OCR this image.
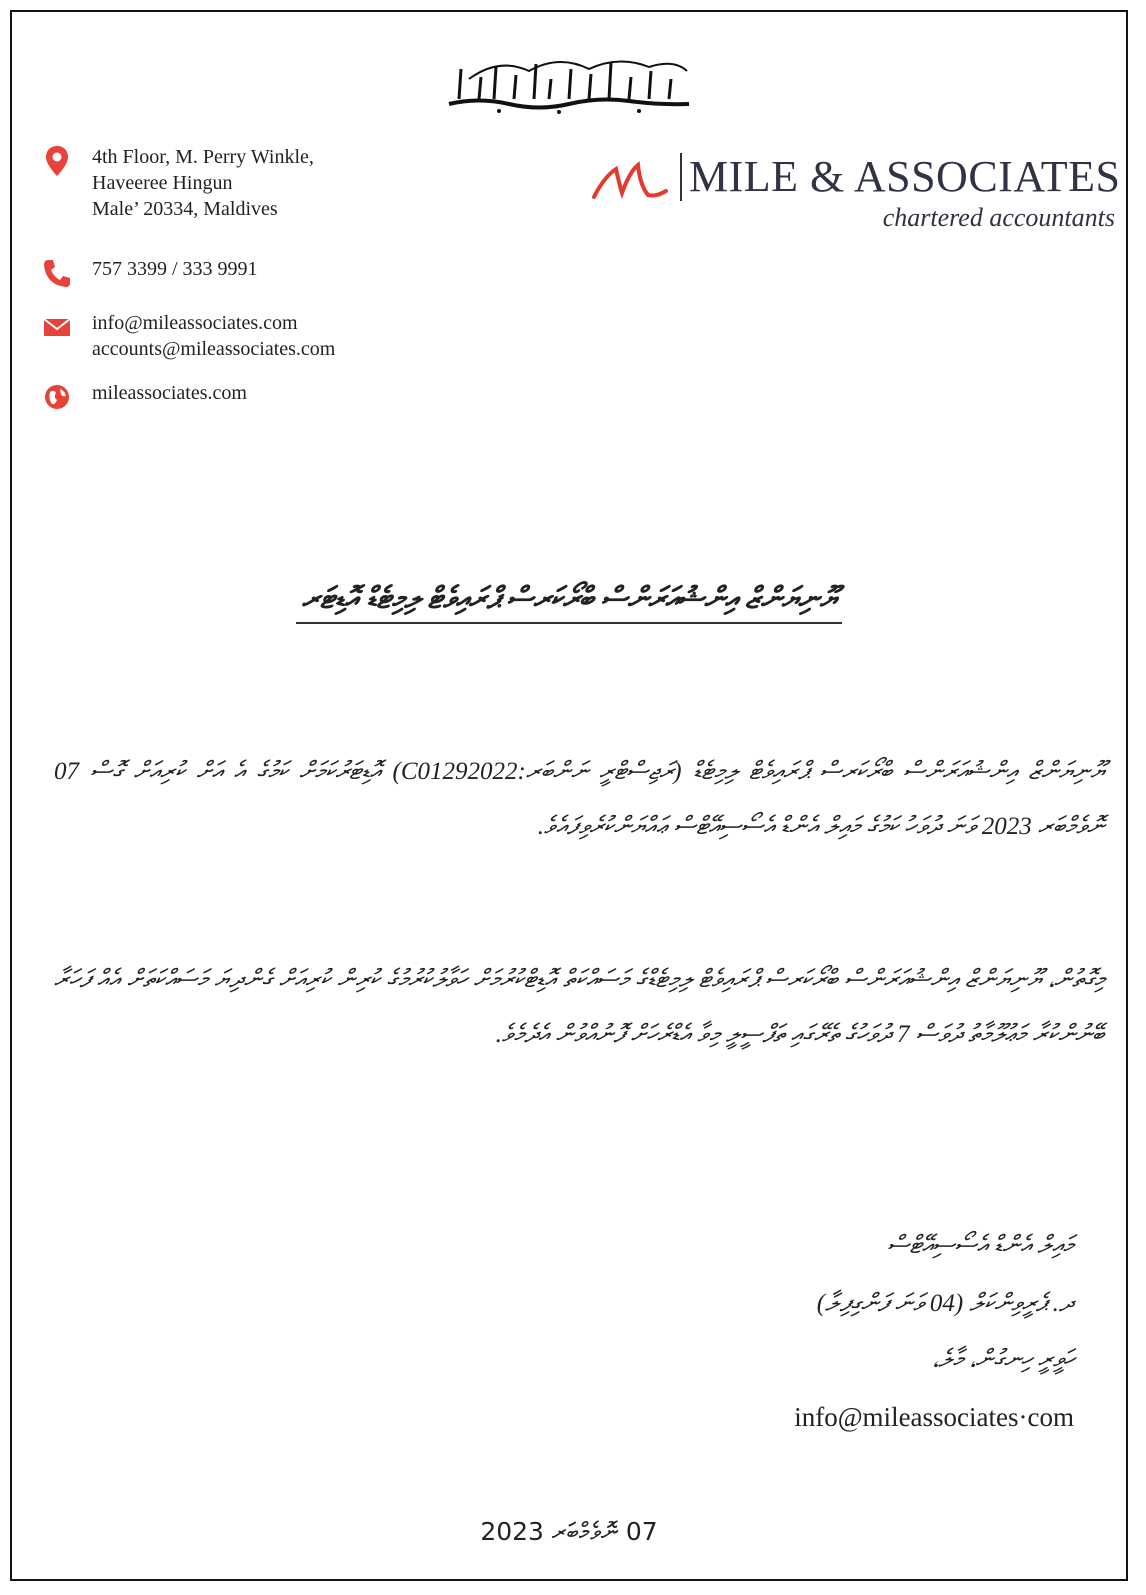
4th Floor, M. Perry Winkle,
Haveeree Hingun
Male’ 20334, Maldives
757 3399 / 333 9991
info@mileassociates.com
accounts@mileassociates.com
mileassociates.com
MILE & ASSOCIATES
chartered accountants
ޔޫނިޔަންޒް އިންޝުއަރަންސް ބްރޯކަރސް ޕްރައިވެޓް ލިމިޓެޑް އޮޑިޓަރ

ޔޫނިޔަންޒް އިންޝުއަރަންސް ބްރޯކަރސް ޕްރައިވެޓް ލިމިޓެޑް (ރަޖިސްޓްރީ ނަންބަރ:C01292022) އޮޑިޓަރުކަމަށް ކަމުގެ އެ އަށް ކުރިއަށް ގޮސް 07 ނޮވެމްބަރ 2023 ވަނަ ދުވަހު ކަމުގެ މައިލް އެންޑް އެސޯސިއޭޓްސް ޢައްޔަންކުރެވިފައެވެ.

މިގޮތުން، ޔޫނިޔަންޒް އިންޝުއަރަންސް ބްރޯކަރސް ޕްރައިވެޓް ލިމިޓެޑްގެ މަސައްކަތް އޮޑިޓްކުރުމަށް ހަވާލުކުރުމުގެ ކުރިން ކުރިއަށް ގެންދިޔަ މަސައްކަތަށް އެއް ފަހަރާ ބޭނުންކުރާ މަޢުލޫމާތު ދުވަސް 7 ދުވަހުގެ ތެރޭގައި ތަފްސީލީ މިވާ އެޑްރެހަށް ފޮނުއްވުން އެދެމެވެ.

މައިލް އެންޑް އެސޯސިއޭޓްސް
ދ. ޕެރީވިންކަލް (04 ވަނަ ފަންގިފިލާ)
ހަވީރީ ހިނގުން، މާލެ،
info@mileassociates·com
07 ނޮވެމްބަރ 2023
